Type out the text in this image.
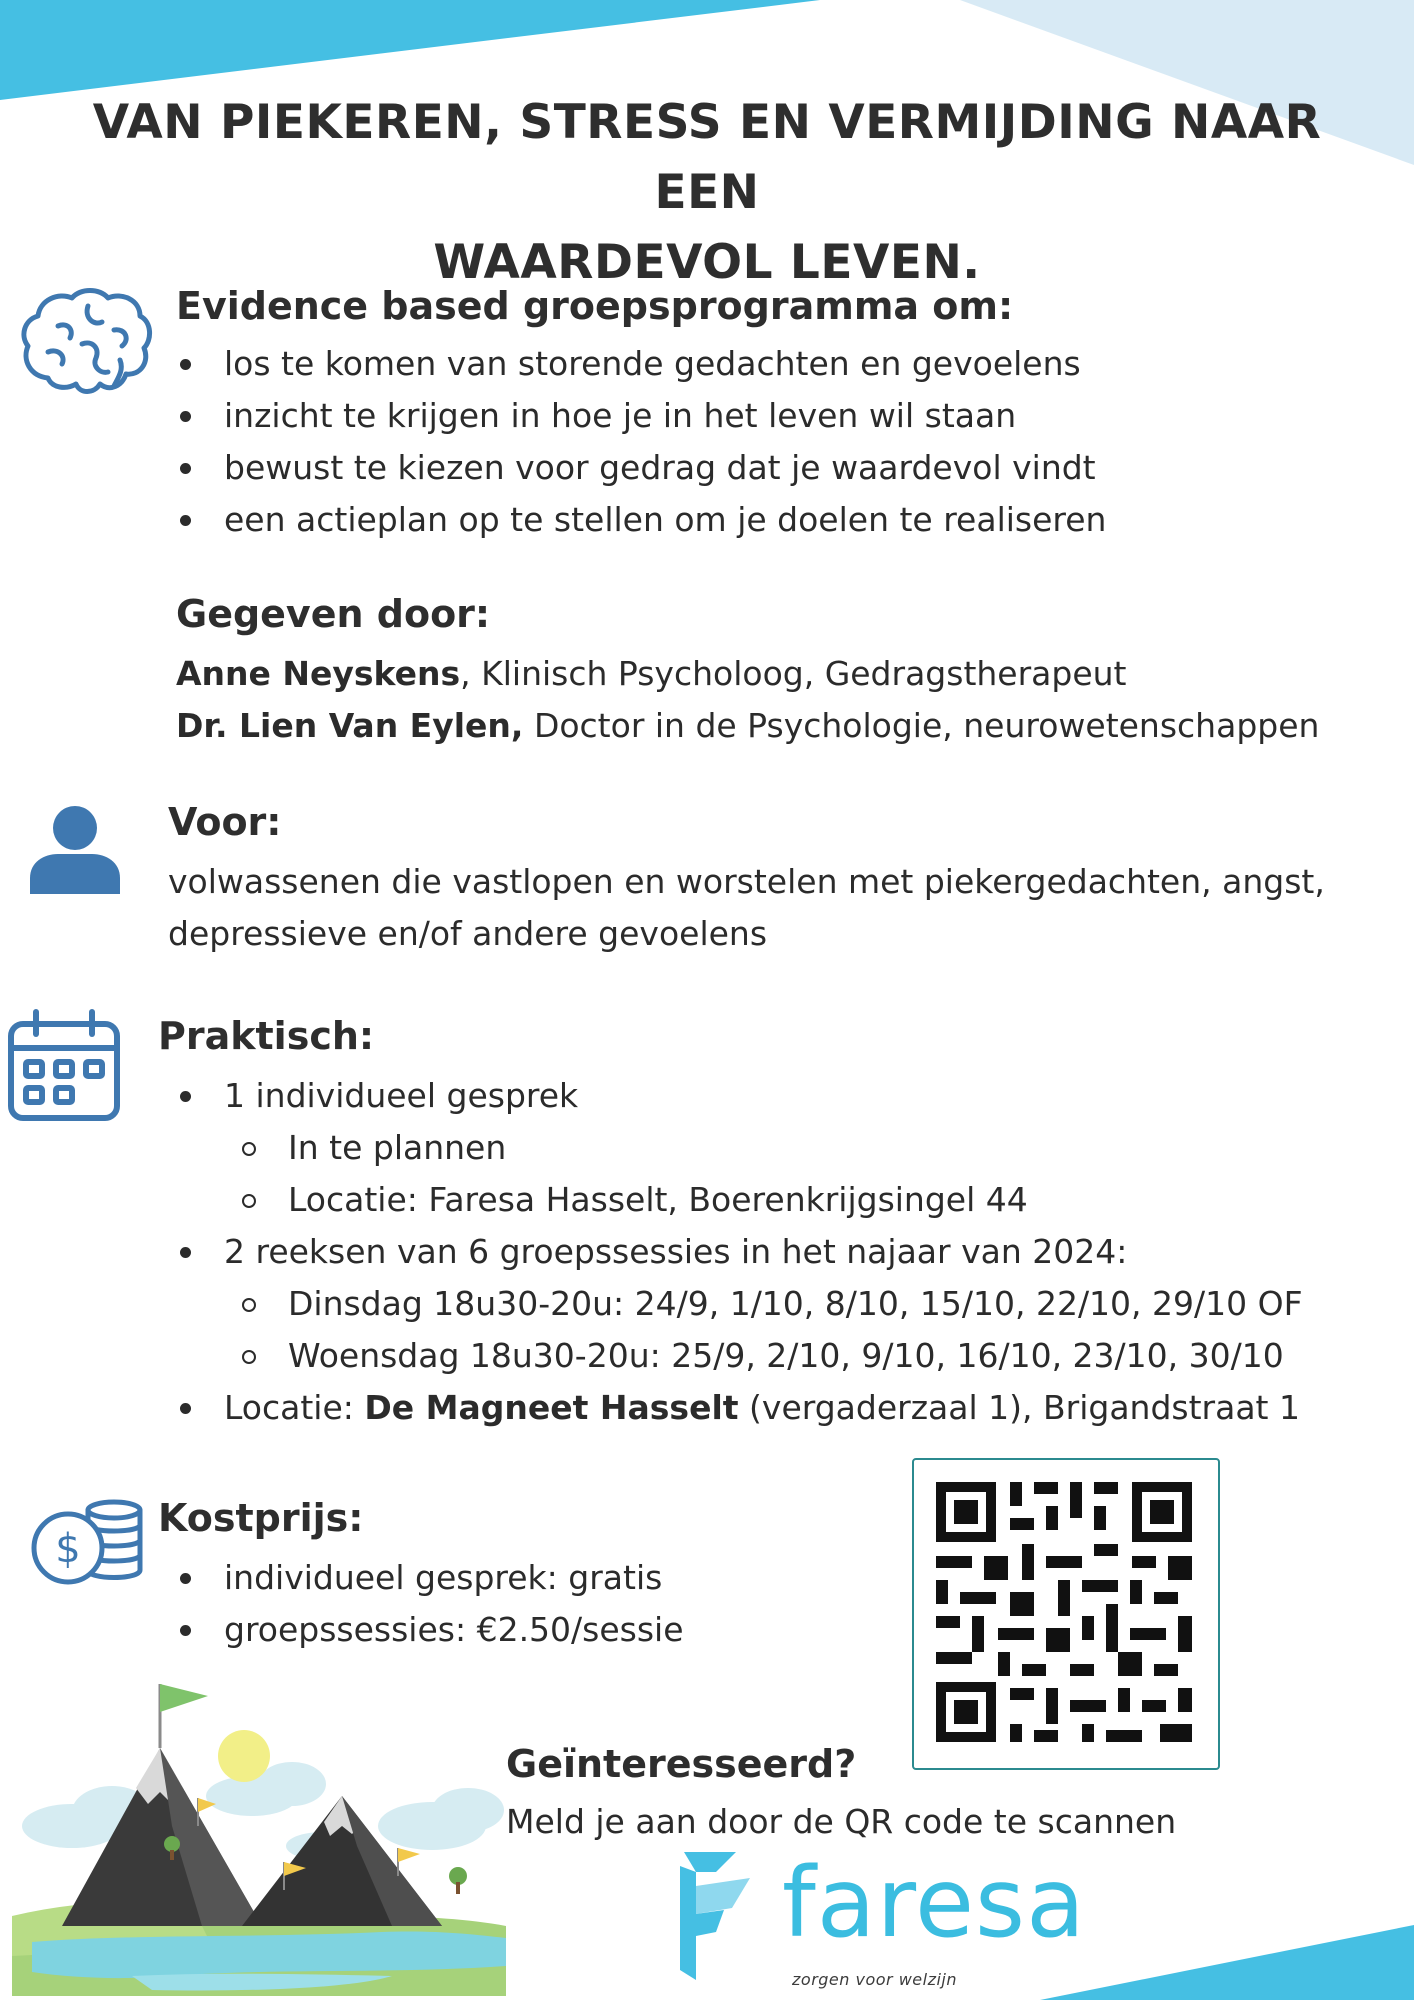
VAN PIEKEREN, STRESS EN VERMIJDING NAAR EEN
WAARDEVOL LEVEN.
Evidence based groepsprogramma om:
los te komen van storende gedachten en gevoelens
inzicht te krijgen in hoe je in het leven wil staan
bewust te kiezen voor gedrag dat je waardevol vindt
een actieplan op te stellen om je doelen te realiseren
Gegeven door:
Anne Neyskens, Klinisch Psycholoog, Gedragstherapeut
Dr. Lien Van Eylen, Doctor in de Psychologie, neurowetenschappen
Voor:
volwassenen die vastlopen en worstelen met piekergedachten, angst,
depressieve en/of andere gevoelens
Praktisch:
1 individueel gesprek
In te plannen
Locatie: Faresa Hasselt, Boerenkrijgsingel 44
2 reeksen van 6 groepssessies in het najaar van 2024:
Dinsdag 18u30-20u: 24/9, 1/10, 8/10, 15/10, 22/10, 29/10 OF
Woensdag 18u30-20u: 25/9, 2/10, 9/10, 16/10, 23/10, 30/10
Locatie: De Magneet Hasselt (vergaderzaal 1), Brigandstraat 1
$
Kostprijs:
individueel gesprek: gratis
groepssessies: €2.50/sessie
Geïnteresseerd?
Meld je aan door de QR code te scannen
faresa
zorgen voor welzijn
